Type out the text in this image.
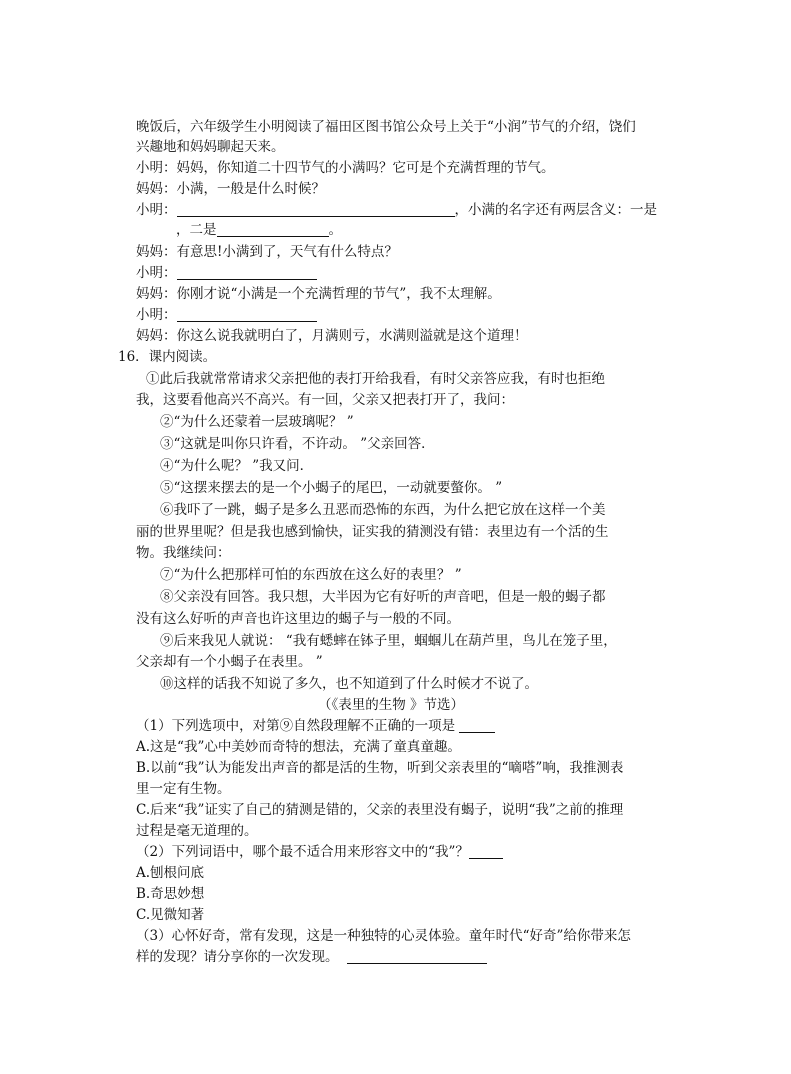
晚饭后，六年级学生小明阅读了福田区图书馆公众号上关于“小润”节气的介绍，饶们
兴趣地和妈妈聊起天来。
小明：妈妈，你知道二十四节气的小满吗？它可是个充满哲理的节气。
妈妈：小满，一般是什么时候？
小明：	，小满的名字还有两层含义：一是
，二是	。
妈妈：有意思!小满到了，天气有什么特点？
小明：
妈妈：你刚才说“小满是一个充满哲理的节气”，我不太理解。
小明：
妈妈：你这么说我就明白了，月满则亏，水满则溢就是这个道理！
16．课内阅读。
①此后我就常常请求父亲把他的表打开给我看，有时父亲答应我，有时也拒绝
我，这要看他高兴不高兴。有一回，父亲又把表打开了，我问：
②“为什么还蒙着一层玻璃呢？ ”
③“这就是叫你只许看，不许动。 ”父亲回答．
④“为什么呢？ ”我又问．
⑤“这摆来摆去的是一个小蝎子的尾巴，一动就要螫你。 ”
⑥我吓了一跳，蝎子是多么丑恶而恐怖的东西，为什么把它放在这样一个美
丽的世界里呢？但是我也感到愉快，证实我的猜测没有错：表里边有一个活的生
物。我继续问：
⑦“为什么把那样可怕的东西放在这么好的表里？ ”
⑧父亲没有回答。我只想，大半因为它有好听的声音吧，但是一般的蝎子都
没有这么好听的声音也许这里边的蝎子与一般的不同。
⑨后来我见人就说： “我有蟋蟀在钵子里，蝈蝈儿在葫芦里，鸟儿在笼子里，
父亲却有一个小蝎子在表里。 ”
⑩这样的话我不知说了多久，也不知道到了什么时候才不说了。
（《表里的生物 》节选）
（1）下列选项中，对第⑨自然段理解不正确的一项是
A.这是“我”心中美妙而奇特的想法，充满了童真童趣。
B.以前“我”认为能发出声音的都是活的生物，听到父亲表里的“嘀嗒”响，我推测表
里一定有生物。
C.后来“我”证实了自己的猜测是错的，父亲的表里没有蝎子，说明“我”之前的推理
过程是毫无道理的。
（2）下列词语中，哪个最不适合用来形容文中的“我”？
A.刨根问底
B.奇思妙想
C.见微知著
（3）心怀好奇，常有发现，这是一种独特的心灵体验。童年时代“好奇”给你带来怎
样的发现？请分享你的一次发现。
